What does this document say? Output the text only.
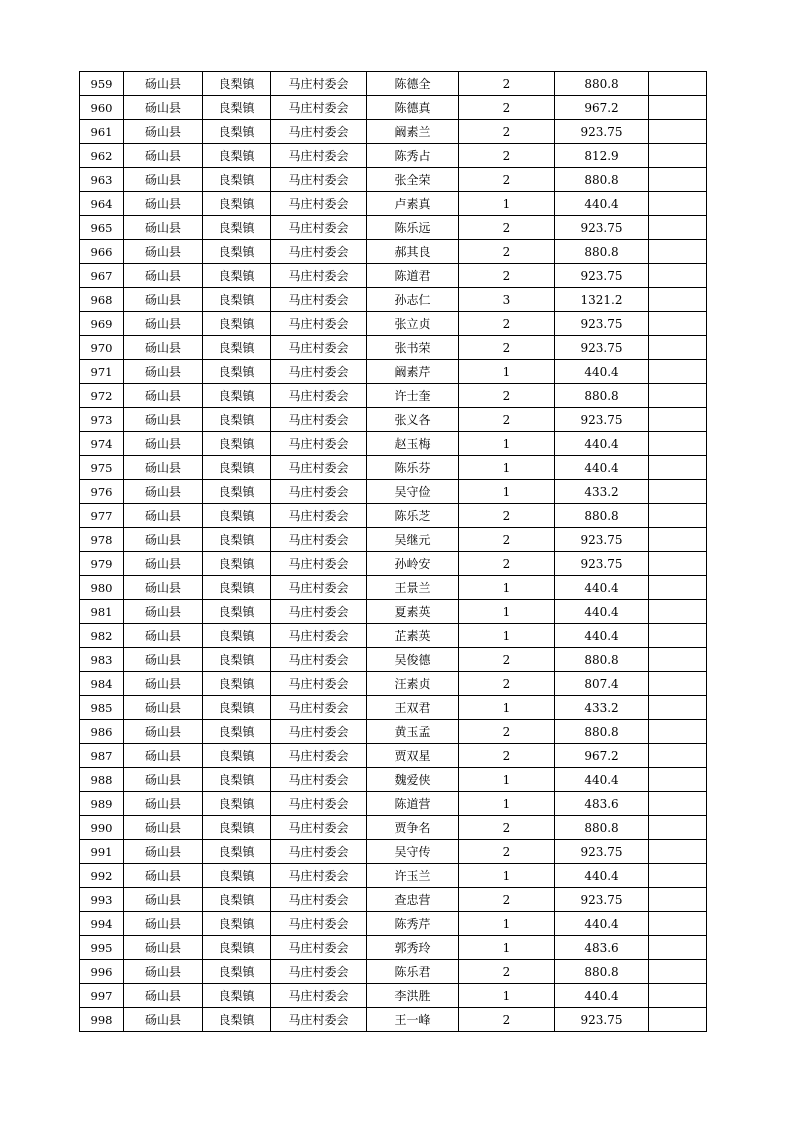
959	砀山县	良梨镇	马庄村委会	陈德全	2	880.8	
960	砀山县	良梨镇	马庄村委会	陈德真	2	967.2	
961	砀山县	良梨镇	马庄村委会	阚素兰	2	923.75	
962	砀山县	良梨镇	马庄村委会	陈秀占	2	812.9	
963	砀山县	良梨镇	马庄村委会	张全荣	2	880.8	
964	砀山县	良梨镇	马庄村委会	卢素真	1	440.4	
965	砀山县	良梨镇	马庄村委会	陈乐远	2	923.75	
966	砀山县	良梨镇	马庄村委会	郝其良	2	880.8	
967	砀山县	良梨镇	马庄村委会	陈道君	2	923.75	
968	砀山县	良梨镇	马庄村委会	孙志仁	3	1321.2	
969	砀山县	良梨镇	马庄村委会	张立贞	2	923.75	
970	砀山县	良梨镇	马庄村委会	张书荣	2	923.75	
971	砀山县	良梨镇	马庄村委会	阚素芹	1	440.4	
972	砀山县	良梨镇	马庄村委会	许士奎	2	880.8	
973	砀山县	良梨镇	马庄村委会	张义各	2	923.75	
974	砀山县	良梨镇	马庄村委会	赵玉梅	1	440.4	
975	砀山县	良梨镇	马庄村委会	陈乐芬	1	440.4	
976	砀山县	良梨镇	马庄村委会	吴守俭	1	433.2	
977	砀山县	良梨镇	马庄村委会	陈乐芝	2	880.8	
978	砀山县	良梨镇	马庄村委会	吴继元	2	923.75	
979	砀山县	良梨镇	马庄村委会	孙岭安	2	923.75	
980	砀山县	良梨镇	马庄村委会	王景兰	1	440.4	
981	砀山县	良梨镇	马庄村委会	夏素英	1	440.4	
982	砀山县	良梨镇	马庄村委会	芷素英	1	440.4	
983	砀山县	良梨镇	马庄村委会	吴俊德	2	880.8	
984	砀山县	良梨镇	马庄村委会	汪素贞	2	807.4	
985	砀山县	良梨镇	马庄村委会	王双君	1	433.2	
986	砀山县	良梨镇	马庄村委会	黄玉孟	2	880.8	
987	砀山县	良梨镇	马庄村委会	贾双星	2	967.2	
988	砀山县	良梨镇	马庄村委会	魏爱侠	1	440.4	
989	砀山县	良梨镇	马庄村委会	陈道营	1	483.6	
990	砀山县	良梨镇	马庄村委会	贾争名	2	880.8	
991	砀山县	良梨镇	马庄村委会	吴守传	2	923.75	
992	砀山县	良梨镇	马庄村委会	许玉兰	1	440.4	
993	砀山县	良梨镇	马庄村委会	查忠营	2	923.75	
994	砀山县	良梨镇	马庄村委会	陈秀芹	1	440.4	
995	砀山县	良梨镇	马庄村委会	郭秀玲	1	483.6	
996	砀山县	良梨镇	马庄村委会	陈乐君	2	880.8	
997	砀山县	良梨镇	马庄村委会	李洪胜	1	440.4	
998	砀山县	良梨镇	马庄村委会	王一峰	2	923.75	
